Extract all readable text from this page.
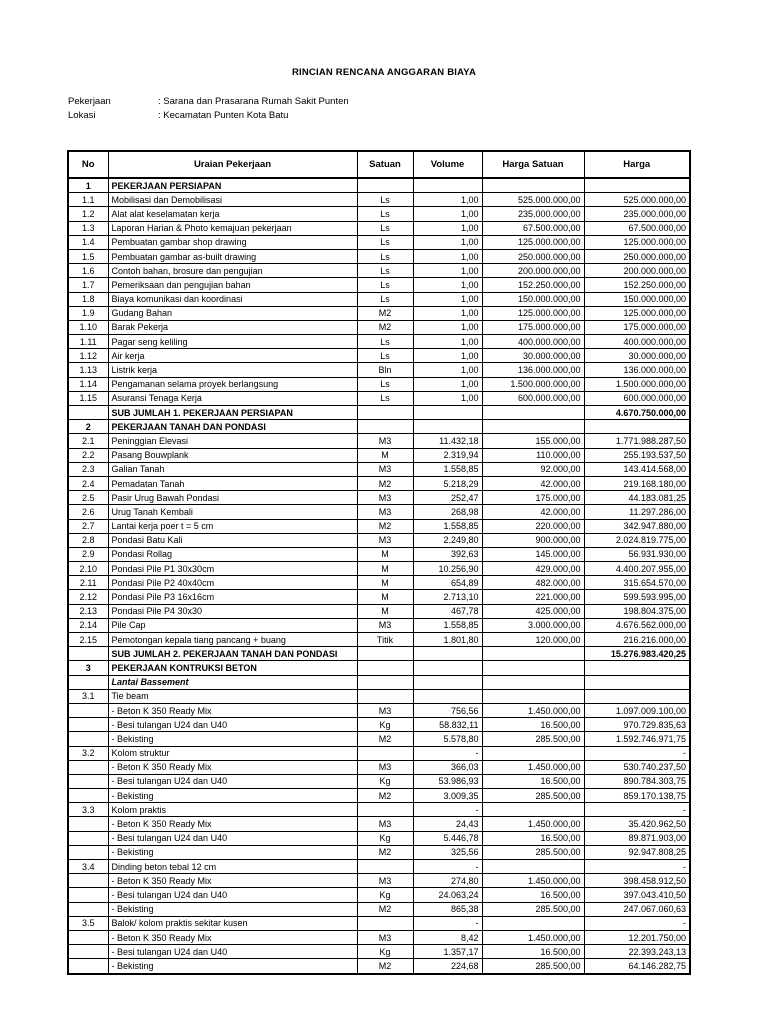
RINCIAN RENCANA ANGGARAN BIAYA
Pekerjaan	: Sarana dan Prasarana Rumah Sakit Punten
Lokasi	: Kecamatan Punten Kota Batu
No	Uraian Pekerjaan	Satuan	Volume	Harga Satuan	Harga
1	PEKERJAAN PERSIAPAN				
1.1	Mobilisasi dan Demobilisasi	Ls	1,00	525.000.000,00	525.000.000,00
1.2	Alat alat keselamatan kerja	Ls	1,00	235.000.000,00	235.000.000,00
1.3	Laporan Harian & Photo kemajuan pekerjaan	Ls	1,00	67.500.000,00	67.500.000,00
1.4	Pembuatan gambar shop drawing	Ls	1,00	125.000.000,00	125.000.000,00
1.5	Pembuatan gambar as-built drawing	Ls	1,00	250.000.000,00	250.000.000,00
1.6	Contoh bahan, brosure dan pengujian	Ls	1,00	200.000.000,00	200.000.000,00
1.7	Pemeriksaan dan pengujian bahan	Ls	1,00	152.250.000,00	152.250.000,00
1.8	Biaya komunikasi dan koordinasi	Ls	1,00	150.000.000,00	150.000.000,00
1.9	Gudang Bahan	M2	1,00	125.000.000,00	125.000.000,00
1.10	Barak Pekerja	M2	1,00	175.000.000,00	175.000.000,00
1.11	Pagar seng keliling	Ls	1,00	400.000.000,00	400.000.000,00
1.12	Air kerja	Ls	1,00	30.000.000,00	30.000.000,00
1.13	Listrik kerja	Bln	1,00	136.000.000,00	136.000.000,00
1.14	Pengamanan selama proyek berlangsung	Ls	1,00	1.500.000.000,00	1.500.000.000,00
1.15	Asuransi Tenaga Kerja	Ls	1,00	600.000.000,00	600.000.000,00
	SUB JUMLAH 1. PEKERJAAN PERSIAPAN				4.670.750.000,00
2	PEKERJAAN TANAH DAN PONDASI				
2.1	Peninggian Elevasi	M3	11.432,18	155.000,00	1.771.988.287,50
2.2	Pasang Bouwplank	M	2.319,94	110.000,00	255.193.537,50
2.3	Galian Tanah	M3	1.558,85	92.000,00	143.414.568,00
2.4	Pemadatan Tanah	M2	5.218,29	42.000,00	219.168.180,00
2.5	Pasir Urug Bawah Pondasi	M3	252,47	175.000,00	44.183.081,25
2.6	Urug Tanah Kembali	M3	268,98	42.000,00	11.297.286,00
2.7	Lantai kerja poer t = 5 cm	M2	1.558,85	220.000,00	342.947.880,00
2.8	Pondasi Batu Kali	M3	2.249,80	900.000,00	2.024.819.775,00
2.9	Pondasi Rollag	M	392,63	145.000,00	56.931.930,00
2.10	Pondasi Pile P1 30x30cm	M	10.256,90	429.000,00	4.400.207.955,00
2.11	Pondasi Pile P2 40x40cm	M	654,89	482.000,00	315.654.570,00
2.12	Pondasi Pile P3 16x16cm	M	2.713,10	221.000,00	599.593.995,00
2.13	Pondasi Pile P4 30x30	M	467,78	425.000,00	198.804.375,00
2.14	Pile Cap	M3	1.558,85	3.000.000,00	4.676.562.000,00
2.15	Pemotongan kepala tiang pancang + buang	Titik	1.801,80	120.000,00	216.216.000,00
	SUB JUMLAH 2. PEKERJAAN TANAH DAN PONDASI				15.276.983.420,25
3	PEKERJAAN KONTRUKSI BETON				
	Lantai Bassement				
3.1	Tie beam				
	- Beton K 350 Ready Mix	M3	756,56	1.450.000,00	1.097.009.100,00
	- Besi tulangan U24 dan U40	Kg	58.832,11	16.500,00	970.729.835,63
	- Bekisting	M2	5.578,80	285.500,00	1.592.746.971,75
3.2	Kolom struktur		-		-
	- Beton K 350 Ready Mix	M3	366,03	1.450.000,00	530.740.237,50
	- Besi tulangan U24 dan U40	Kg	53.986,93	16.500,00	890.784.303,75
	- Bekisting	M2	3.009,35	285.500,00	859.170.138,75
3.3	Kolom praktis		-		-
	- Beton K 350 Ready Mix	M3	24,43	1.450.000,00	35.420.962,50
	- Besi tulangan U24 dan U40	Kg	5.446,78	16.500,00	89.871.903,00
	- Bekisting	M2	325,56	285.500,00	92.947.808,25
3.4	Dinding beton tebal 12 cm		-		-
	- Beton K 350 Ready Mix	M3	274,80	1.450.000,00	398.458.912,50
	- Besi tulangan U24 dan U40	Kg	24.063,24	16.500,00	397.043.410,50
	- Bekisting	M2	865,38	285.500,00	247.067.060,63
3.5	Balok/ kolom praktis sekitar kusen		-		-
	- Beton K 350 Ready Mix	M3	8,42	1.450.000,00	12.201.750,00
	- Besi tulangan U24 dan U40	Kg	1.357,17	16.500,00	22.393.243,13
	- Bekisting	M2	224,68	285.500,00	64.146.282,75
